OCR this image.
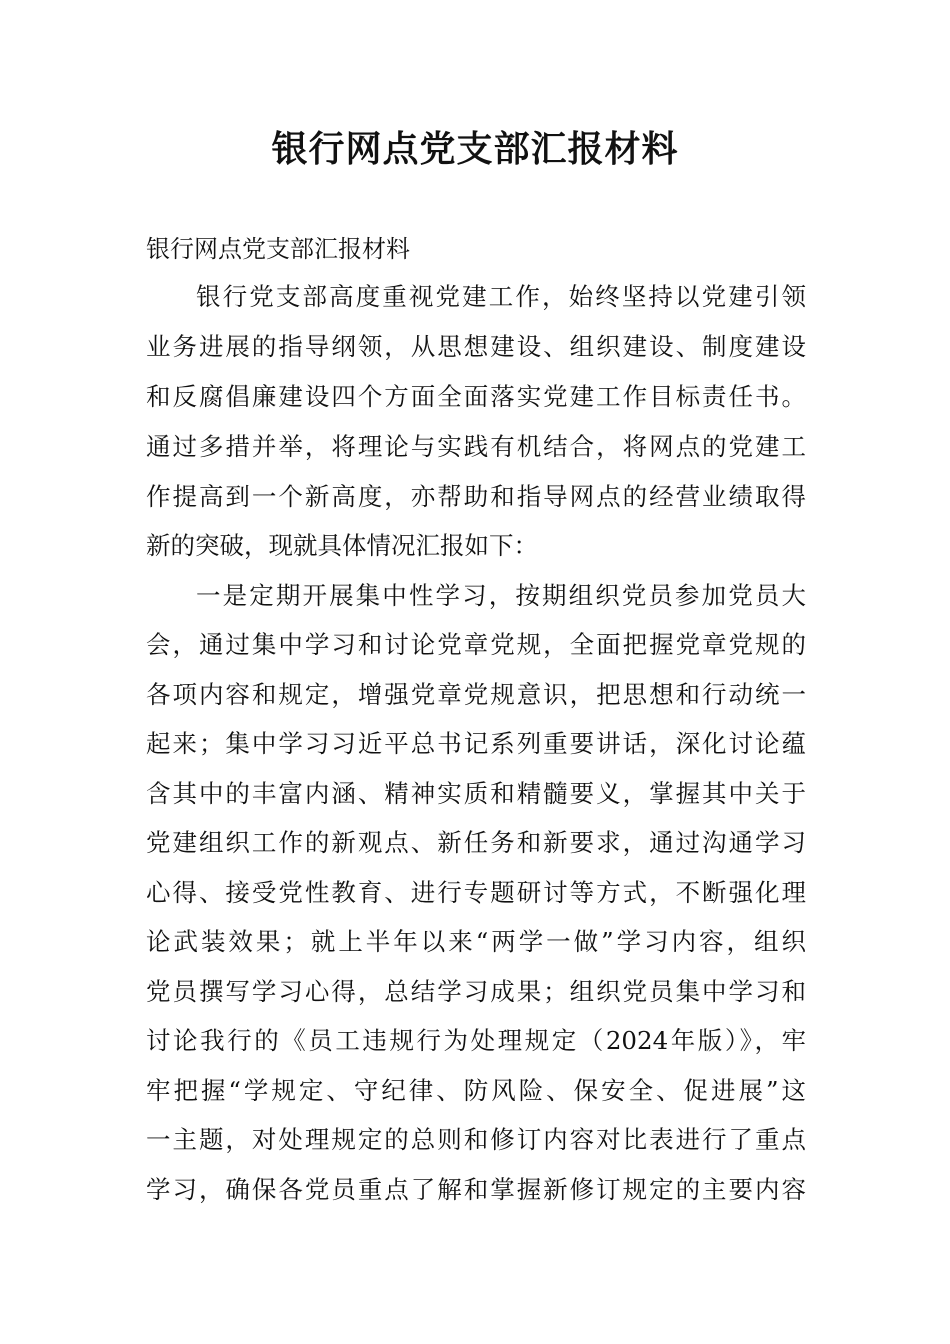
银行网点党支部汇报材料

银行网点党支部汇报材料

银行党支部高度重视党建工作，始终坚持以党建引领

业务进展的指导纲领，从思想建设、组织建设、制度建设

和反腐倡廉建设四个方面全面落实党建工作目标责任书。

通过多措并举，将理论与实践有机结合，将网点的党建工

作提高到一个新高度，亦帮助和指导网点的经营业绩取得

新的突破，现就具体情况汇报如下：

一是定期开展集中性学习，按期组织党员参加党员大

会，通过集中学习和讨论党章党规，全面把握党章党规的

各项内容和规定，增强党章党规意识，把思想和行动统一

起来；集中学习习近平总书记系列重要讲话，深化讨论蕴

含其中的丰富内涵、精神实质和精髓要义，掌握其中关于

党建组织工作的新观点、新任务和新要求，通过沟通学习

心得、接受党性教育、进行专题研讨等方式，不断强化理

论武装效果；就上半年以来“两学一做”学习内容，组织

党员撰写学习心得，总结学习成果；组织党员集中学习和

讨论我行的《员工违规行为处理规定（2024年版）》，牢

牢把握“学规定、守纪律、防风险、保安全、促进展”这

一主题，对处理规定的总则和修订内容对比表进行了重点

学习，确保各党员重点了解和掌握新修订规定的主要内容
